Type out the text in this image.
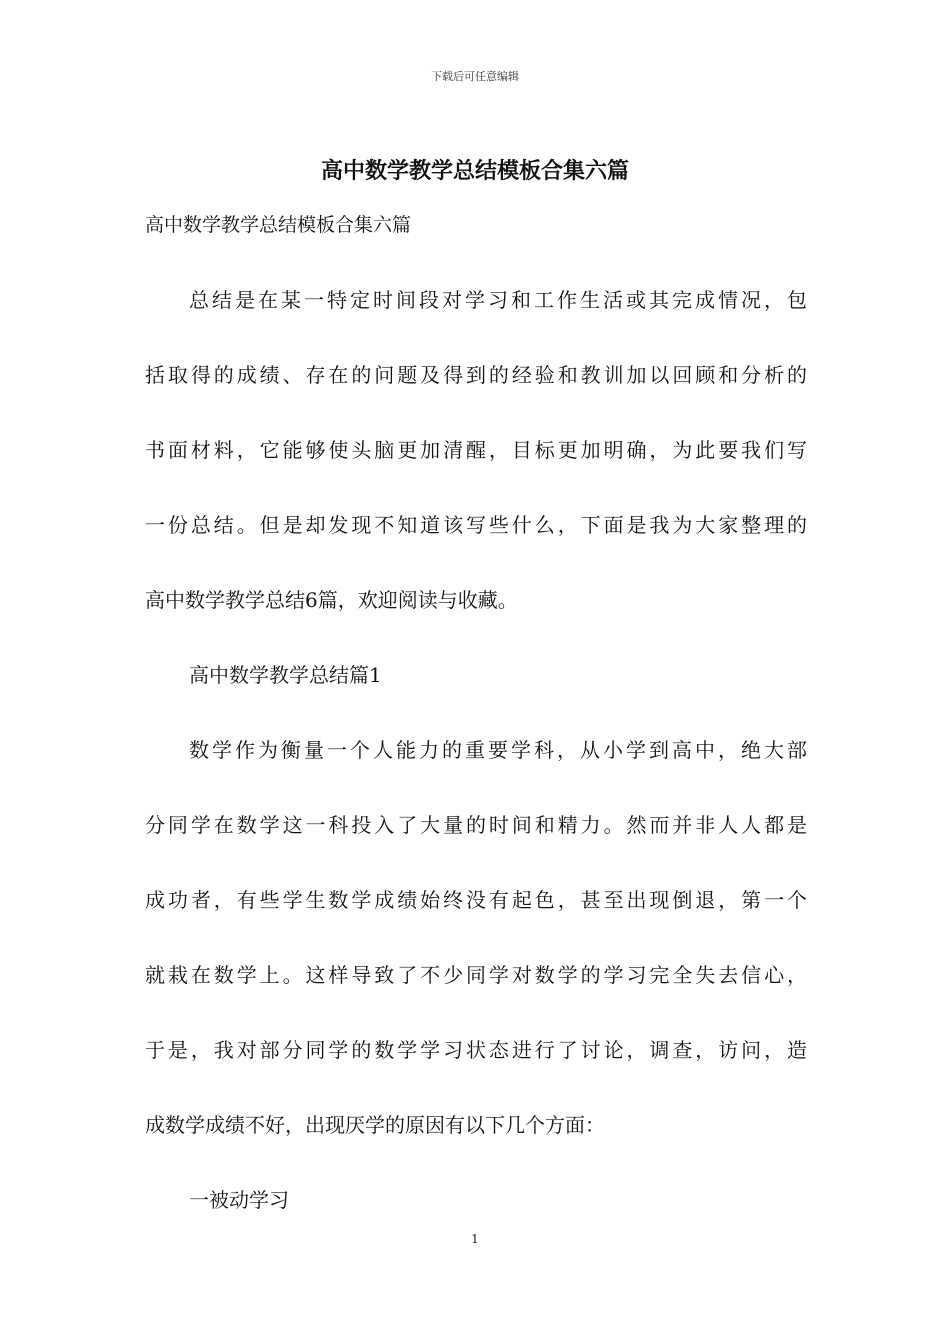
下载后可任意编辑
高中数学教学总结模板合集六篇
高中数学教学总结模板合集六篇
总结是在某一特定时间段对学习和工作生活或其完成情况，包
括取得的成绩、存在的问题及得到的经验和教训加以回顾和分析的
书面材料，它能够使头脑更加清醒，目标更加明确，为此要我们写
一份总结。但是却发现不知道该写些什么，下面是我为大家整理的
高中数学教学总结6篇，欢迎阅读与收藏。
高中数学教学总结篇1
数学作为衡量一个人能力的重要学科，从小学到高中，绝大部
分同学在数学这一科投入了大量的时间和精力。然而并非人人都是
成功者，有些学生数学成绩始终没有起色，甚至出现倒退，第一个
就栽在数学上。这样导致了不少同学对数学的学习完全失去信心，
于是，我对部分同学的数学学习状态进行了讨论，调查，访问，造
成数学成绩不好，出现厌学的原因有以下几个方面：
一被动学习
1
